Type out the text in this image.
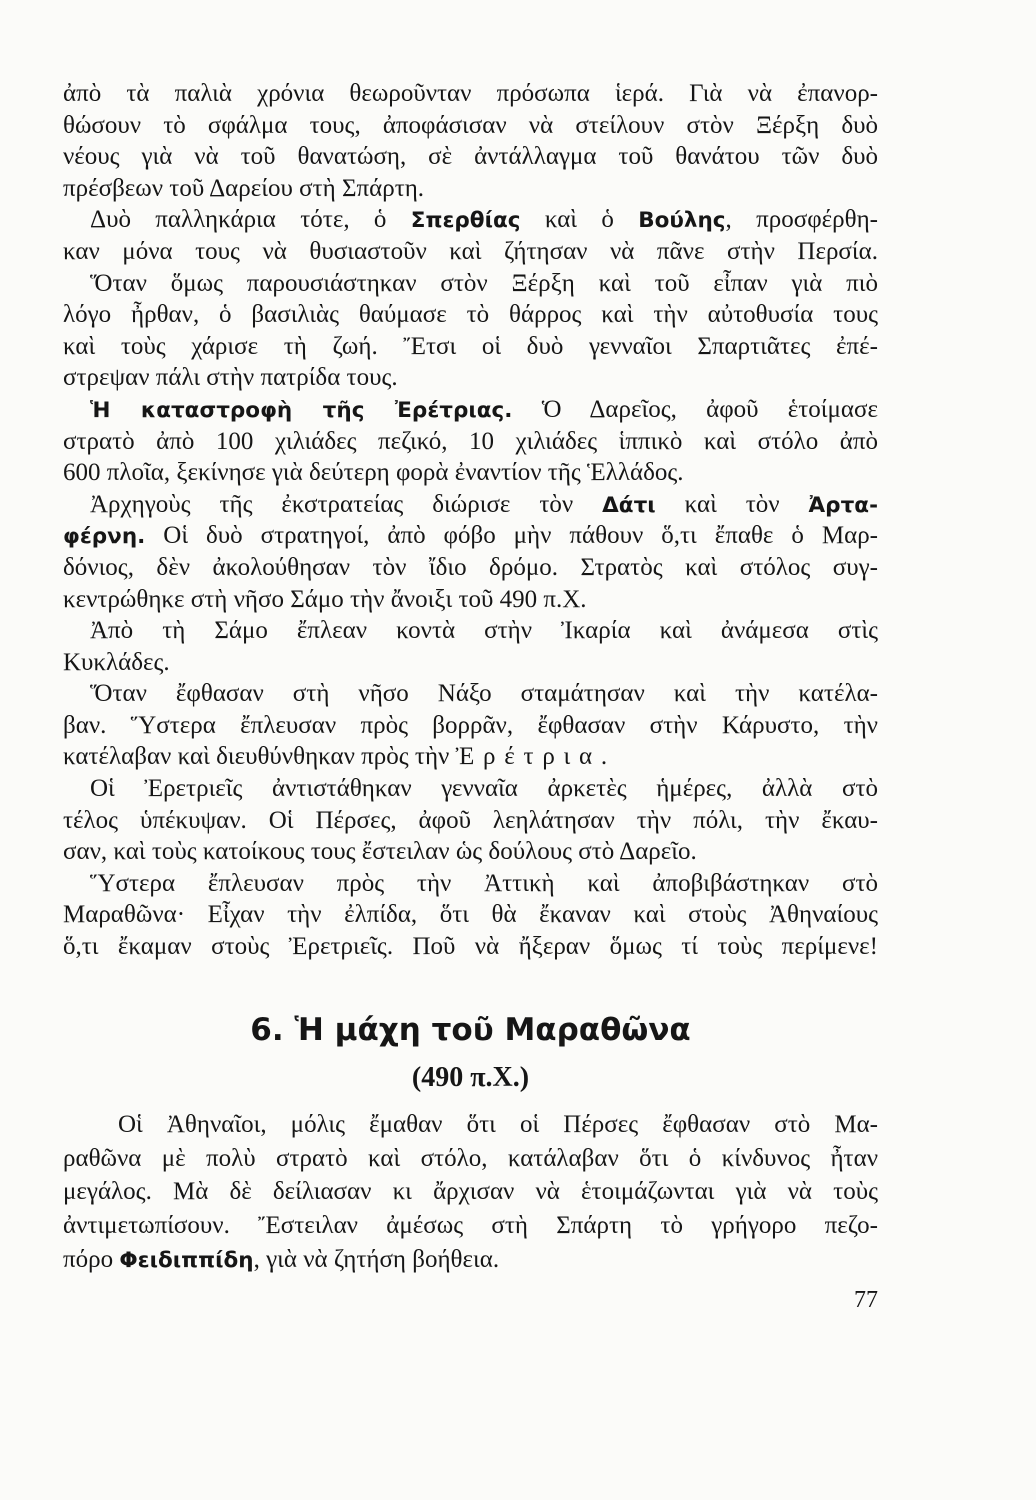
ἀπὸ τὰ παλιὰ χρόνια θεωροῦνταν πρόσωπα ἱερά. Γιὰ νὰ ἐπανορ-
θώσουν τὸ σφάλμα τους, ἀποφάσισαν νὰ στείλουν στὸν Ξέρξη δυὸ
νέους γιὰ νὰ τοῦ θανατώση, σὲ ἀντάλλαγμα τοῦ θανάτου τῶν δυὸ
πρέσβεων τοῦ Δαρείου στὴ Σπάρτη.
Δυὸ παλληκάρια τότε, ὁ Σπερθίας καὶ ὁ Βούλης, προσφέρθη-
καν μόνα τους νὰ θυσιαστοῦν καὶ ζήτησαν νὰ πᾶνε στὴν Περσία.
Ὅταν ὅμως παρουσιάστηκαν στὸν Ξέρξη καὶ τοῦ εἶπαν γιὰ πιὸ
λόγο ἦρθαν, ὁ βασιλιὰς θαύμασε τὸ θάρρος καὶ τὴν αὐτοθυσία τους
καὶ τοὺς χάρισε τὴ ζωή. Ἔτσι οἱ δυὸ γενναῖοι Σπαρτιᾶτες ἐπέ-
στρεψαν πάλι στὴν πατρίδα τους.
Ἡ καταστροφὴ τῆς Ἐρέτριας. Ὁ Δαρεῖος, ἀφοῦ ἑτοίμασε
στρατὸ ἀπὸ 100 χιλιάδες πεζικό, 10 χιλιάδες ἱππικὸ καὶ στόλο ἀπὸ
600 πλοῖα, ξεκίνησε γιὰ δεύτερη φορὰ ἐναντίον τῆς Ἑλλάδος.
Ἀρχηγοὺς τῆς ἐκστρατείας διώρισε τὸν Δάτι καὶ τὸν Ἀρτα-
φέρνη. Οἱ δυὸ στρατηγοί, ἀπὸ φόβο μὴν πάθουν ὅ,τι ἔπαθε ὁ Μαρ-
δόνιος, δὲν ἀκολούθησαν τὸν ἴδιο δρόμο. Στρατὸς καὶ στόλος συγ-
κεντρώθηκε στὴ νῆσο Σάμο τὴν ἄνοιξι τοῦ 490 π.Χ.
Ἀπὸ τὴ Σάμο ἔπλεαν κοντὰ στὴν Ἰκαρία καὶ ἀνάμεσα στὶς
Κυκλάδες.
Ὅταν ἔφθασαν στὴ νῆσο Νάξο σταμάτησαν καὶ τὴν κατέλα-
βαν. Ὕστερα ἔπλευσαν πρὸς βορρᾶν, ἔφθασαν στὴν Κάρυστο, τὴν
κατέλαβαν καὶ διευθύνθηκαν πρὸς τὴν Ἐρέτρια.
Οἱ Ἐρετριεῖς ἀντιστάθηκαν γενναῖα ἀρκετὲς ἡμέρες, ἀλλὰ στὸ
τέλος ὑπέκυψαν. Οἱ Πέρσες, ἀφοῦ λεηλάτησαν τὴν πόλι, τὴν ἔκαυ-
σαν, καὶ τοὺς κατοίκους τους ἔστειλαν ὡς δούλους στὸ Δαρεῖο.
Ὕστερα ἔπλευσαν πρὸς τὴν Ἀττικὴ καὶ ἀποβιβάστηκαν στὸ
Μαραθῶνα· Εἶχαν τὴν ἐλπίδα, ὅτι θὰ ἔκαναν καὶ στοὺς Ἀθηναίους
ὅ,τι ἔκαμαν στοὺς Ἐρετριεῖς. Ποῦ νὰ ἤξεραν ὅμως τί τοὺς περίμενε!
6. Ἡ μάχη τοῦ Μαραθῶνα
(490 π.Χ.)
Οἱ Ἀθηναῖοι, μόλις ἔμαθαν ὅτι οἱ Πέρσες ἔφθασαν στὸ Μα-
ραθῶνα μὲ πολὺ στρατὸ καὶ στόλο, κατάλαβαν ὅτι ὁ κίνδυνος ἦταν
μεγάλος. Μὰ δὲ δείλιασαν κι ἄρχισαν νὰ ἑτοιμάζωνται γιὰ νὰ τοὺς
ἀντιμετωπίσουν. Ἔστειλαν ἀμέσως στὴ Σπάρτη τὸ γρήγορο πεζο-
πόρο Φειδιππίδη, γιὰ νὰ ζητήση βοήθεια.
77
